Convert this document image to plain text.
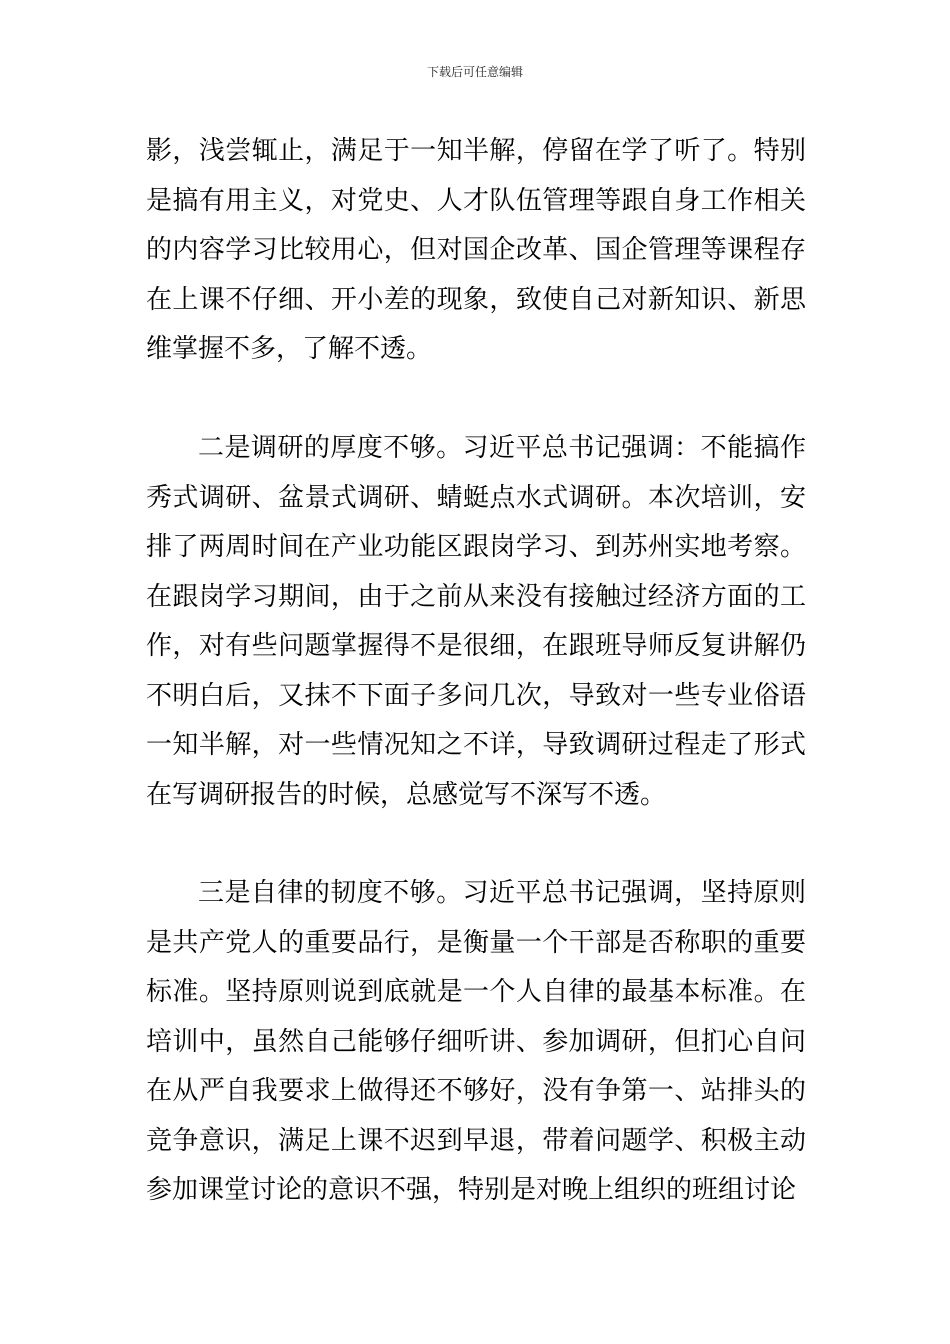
下载后可任意编辑

影，浅尝辄止，满足于一知半解，停留在学了听了。特别是搞有用主义，对党史、人才队伍管理等跟自身工作相关的内容学习比较用心，但对国企改革、国企管理等课程存在上课不仔细、开小差的现象，致使自己对新知识、新思维掌握不多，了解不透。

二是调研的厚度不够。习近平总书记强调：不能搞作秀式调研、盆景式调研、蜻蜓点水式调研。本次培训，安排了两周时间在产业功能区跟岗学习、到苏州实地考察。在跟岗学习期间，由于之前从来没有接触过经济方面的工作，对有些问题掌握得不是很细，在跟班导师反复讲解仍不明白后，又抹不下面子多问几次，导致对一些专业俗语一知半解，对一些情况知之不详，导致调研过程走了形式在写调研报告的时候，总感觉写不深写不透。

三是自律的韧度不够。习近平总书记强调，坚持原则是共产党人的重要品行，是衡量一个干部是否称职的重要标准。坚持原则说到底就是一个人自律的最基本标准。在培训中，虽然自己能够仔细听讲、参加调研，但扪心自问在从严自我要求上做得还不够好，没有争第一、站排头的竞争意识，满足上课不迟到早退，带着问题学、积极主动参加课堂讨论的意识不强，特别是对晚上组织的班组讨论
